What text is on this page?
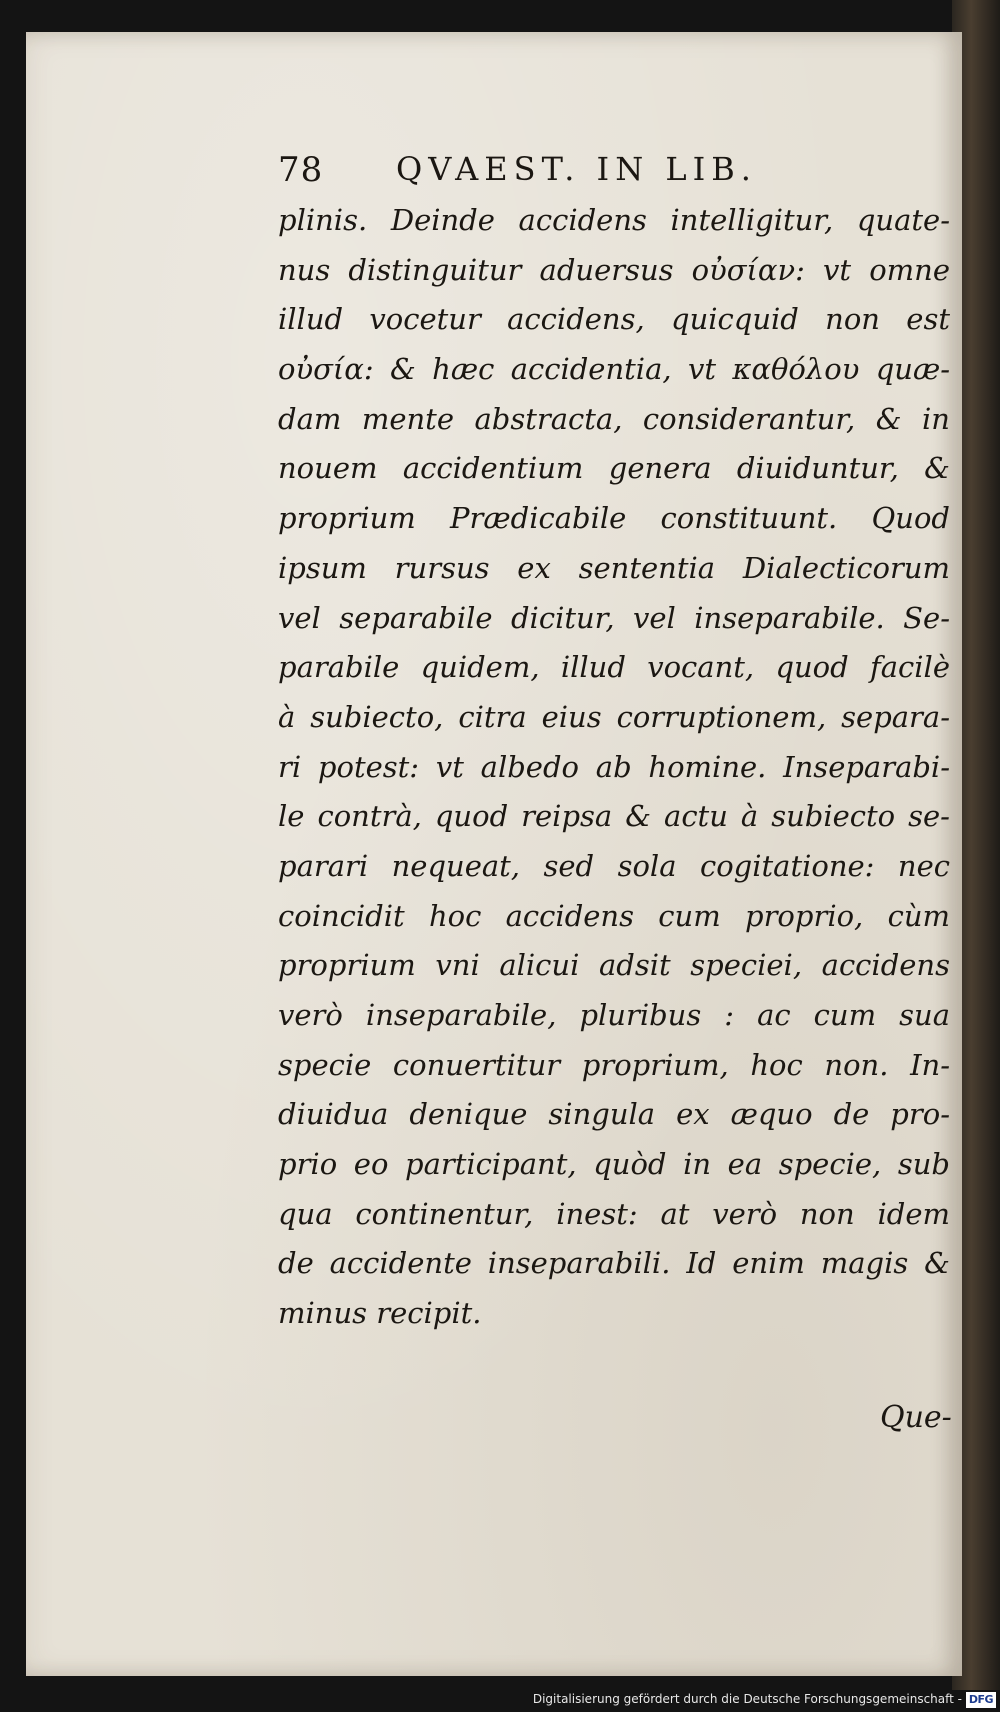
78 QVAEST. IN LIB.
plinis. Deinde accidens intelligitur, quate-
nus distinguitur aduersus οὐσίαν: vt omne
illud vocetur accidens, quicquid non est
οὐσία: & hæc accidentia, vt καθόλου quæ-
dam mente abstracta, considerantur, & in
nouem accidentium genera diuiduntur, &
proprium Prædicabile constituunt. Quod
ipsum rursus ex sententia Dialecticorum
vel separabile dicitur, vel inseparabile. Se-
parabile quidem, illud vocant, quod facilè
à subiecto, citra eius corruptionem, separa-
ri potest: vt albedo ab homine. Inseparabi-
le contrà, quod reipsa & actu à subiecto se-
parari nequeat, sed sola cogitatione: nec
coincidit hoc accidens cum proprio, cùm
proprium vni alicui adsit speciei, accidens
verò inseparabile, pluribus : ac cum sua
specie conuertitur proprium, hoc non. In-
diuidua denique singula ex æquo de pro-
prio eo participant, quòd in ea specie, sub
qua continentur, inest: at verò non idem
de accidente inseparabili. Id enim magis &
minus recipit.
Que-
Digitalisierung gefördert durch die Deutsche Forschungsgemeinschaft - DFG
